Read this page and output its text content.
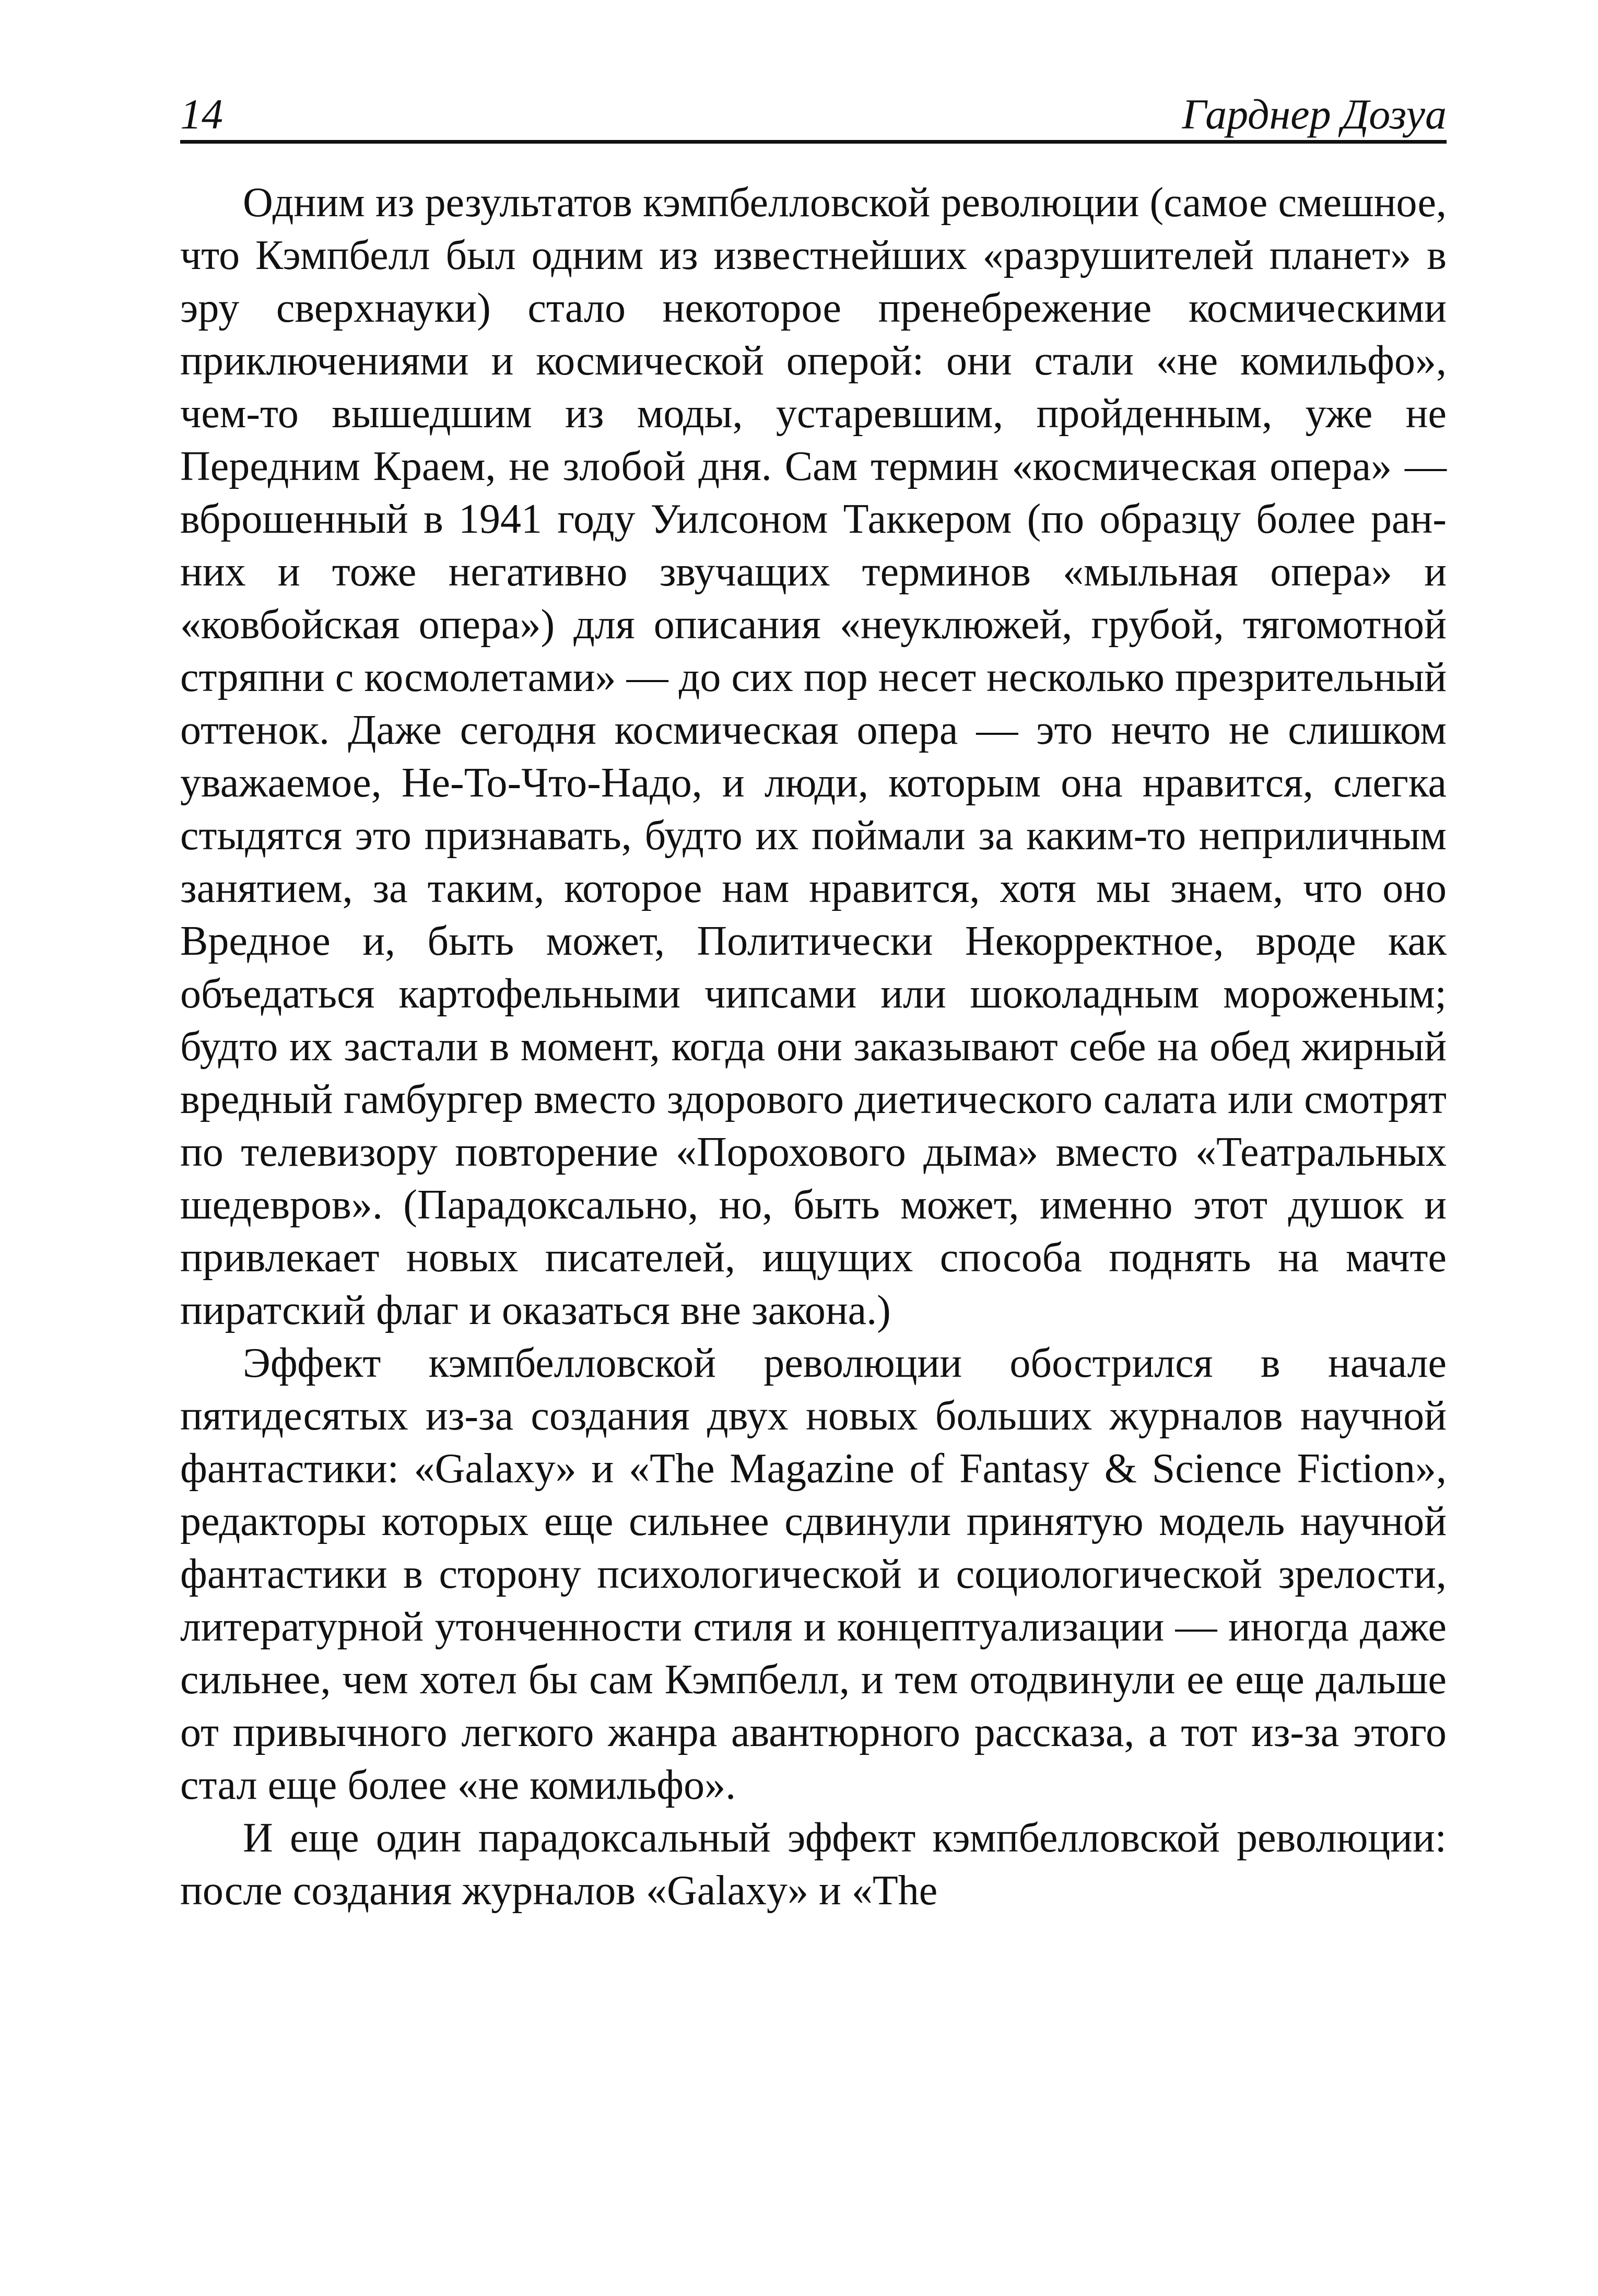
14	Гарднер Дозуа

Одним из результатов кэмпбелловской революции (самое смешное, что Кэмпбелл был одним из известнейших «разрушителей планет» в эру сверхнауки) стало некоторое пренебрежение космическими приключениями и космической оперой: они стали «не комильфо», чем-то вышедшим из моды, устаревшим, пройденным, уже не Передним Краем, не злобой дня. Сам термин «космическая опера» — вброшенный в 1941 году Уилсоном Таккером (по образцу более ранних и тоже негативно звучащих терминов «мыльная опера» и «ковбойская опера») для описания «неуклюжей, грубой, тягомотной стряпни с космолетами» — до сих пор несет несколько презрительный оттенок. Даже сегодня космическая опера — это нечто не слишком уважаемое, Не-То-Что-Надо, и люди, которым она нравится, слегка стыдятся это признавать, будто их поймали за каким-то неприличным занятием, за таким, которое нам нравится, хотя мы знаем, что оно Вредное и, быть может, Политически Некорректное, вроде как объедаться картофельными чипсами или шоколадным мороженым; будто их застали в момент, когда они заказывают себе на обед жирный вредный гамбургер вместо здорового диетического салата или смотрят по телевизору повторение «Порохового дыма» вместо «Театральных шедевров». (Парадоксально, но, быть может, именно этот душок и привлекает новых писателей, ищущих способа поднять на мачте пиратский флаг и оказаться вне закона.)

Эффект кэмпбелловской революции обострился в начале пятидесятых из-за создания двух новых больших журналов научной фантастики: «Galaxy» и «The Magazine of Fantasy & Science Fiction», редакторы которых еще сильнее сдвинули принятую модель научной фантастики в сторону психологической и социологической зрелости, литературной утонченности стиля и концептуализации — иногда даже сильнее, чем хотел бы сам Кэмпбелл, и тем отодвинули ее еще дальше от привычного легкого жанра авантюрного рассказа, а тот из-за этого стал еще более «не комильфо».

И еще один парадоксальный эффект кэмпбелловской революции: после создания журналов «Galaxy» и «The
